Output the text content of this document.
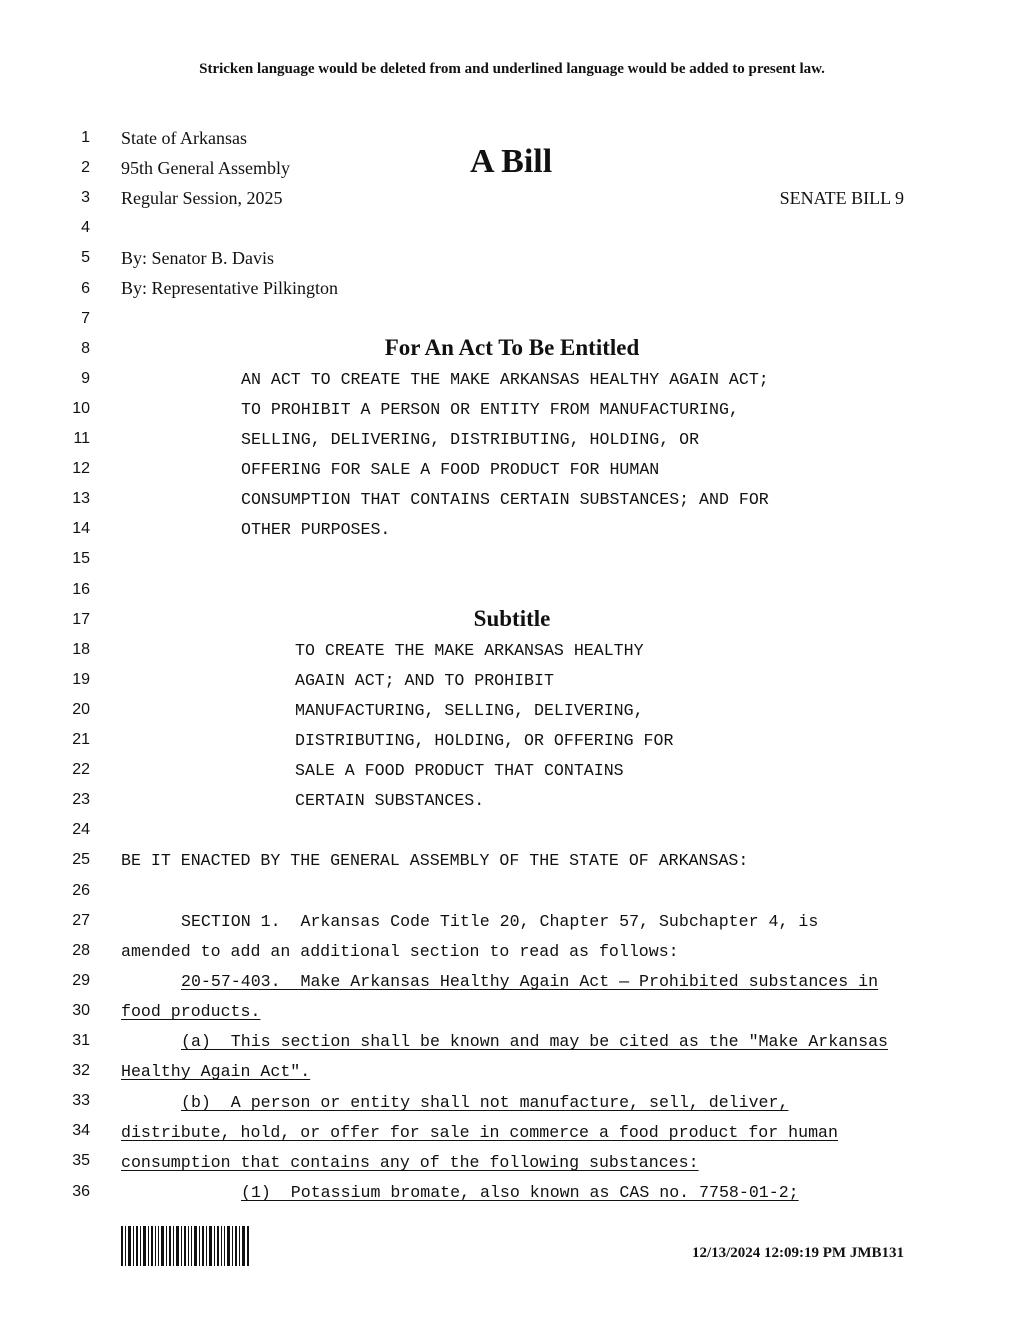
Stricken language would be deleted from and underlined language would be added to present law.
1
2
3
4
5
6
7
8
9
10
11
12
13
14
15
16
17
18
19
20
21
22
23
24
25
26
27
28
29
30
31
32
33
34
35
36
State of Arkansas
95th General Assembly
Regular Session, 2025
A Bill
SENATE BILL 9
By: Senator B. Davis
By: Representative Pilkington
For An Act To Be Entitled
AN ACT TO CREATE THE MAKE ARKANSAS HEALTHY AGAIN ACT;
TO PROHIBIT A PERSON OR ENTITY FROM MANUFACTURING,
SELLING, DELIVERING, DISTRIBUTING, HOLDING, OR
OFFERING FOR SALE A FOOD PRODUCT FOR HUMAN
CONSUMPTION THAT CONTAINS CERTAIN SUBSTANCES; AND FOR
OTHER PURPOSES.
Subtitle
TO CREATE THE MAKE ARKANSAS HEALTHY
AGAIN ACT; AND TO PROHIBIT
MANUFACTURING, SELLING, DELIVERING,
DISTRIBUTING, HOLDING, OR OFFERING FOR
SALE A FOOD PRODUCT THAT CONTAINS
CERTAIN SUBSTANCES.
BE IT ENACTED BY THE GENERAL ASSEMBLY OF THE STATE OF ARKANSAS:
SECTION 1.  Arkansas Code Title 20, Chapter 57, Subchapter 4, is
amended to add an additional section to read as follows:
20-57-403.  Make Arkansas Healthy Again Act — Prohibited substances in
food products.
(a)  This section shall be known and may be cited as the "Make Arkansas
Healthy Again Act".
(b)  A person or entity shall not manufacture, sell, deliver,
distribute, hold, or offer for sale in commerce a food product for human
consumption that contains any of the following substances:
(1)  Potassium bromate, also known as CAS no. 7758-01-2;
12/13/2024 12:09:19 PM JMB131
